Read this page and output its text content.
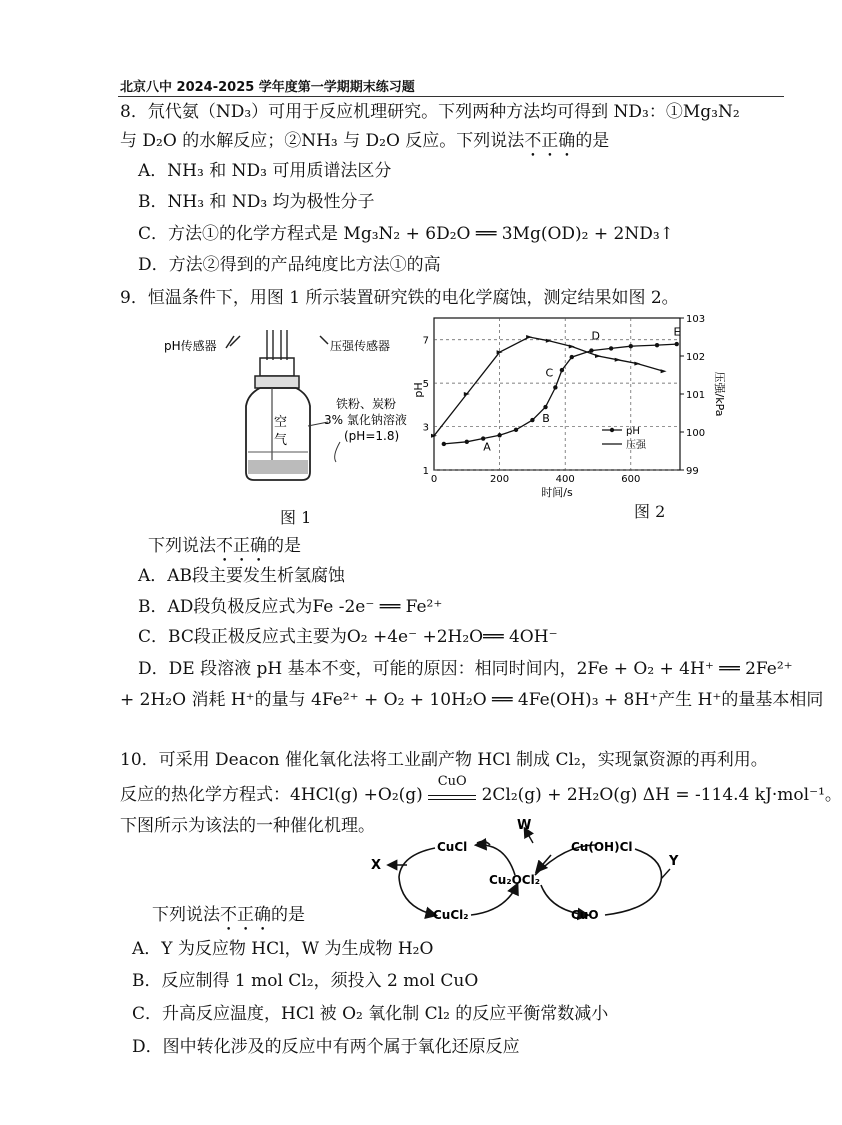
北京八中 2024-2025 学年度第一学期期末练习题
8．氘代氨（ND₃）可用于反应机理研究。下列两种方法均可得到 ND₃：①Mg₃N₂
与 D₂O 的水解反应；②NH₃ 与 D₂O 反应。下列说法不正确的是
A．NH₃ 和 ND₃ 可用质谱法区分
B．NH₃ 和 ND₃ 均为极性分子
C．方法①的化学方程式是 Mg₃N₂ + 6D₂O ══ 3Mg(OD)₂ + 2ND₃↑
D．方法②得到的产品纯度比方法①的高
9．恒温条件下，用图 1 所示装置研究铁的电化学腐蚀，测定结果如图 2。
pH传感器	压强传感器
空
气
铁粉、炭粉
3% 氯化钠溶液
(pH=1.8)
1
3
5
7
0	200	400	600
99
100
101
102
103
时间/s
pH	压强/kPa
A
B
C
D	E
pH
压强
图 1	图 2
下列说法不正确的是
A．AB段主要发生析氢腐蚀
B．AD段负极反应式为Fe -2e⁻ ══ Fe²⁺
C．BC段正极反应式主要为O₂ +4e⁻ +2H₂O══ 4OH⁻
D．DE 段溶液 pH 基本不变，可能的原因：相同时间内，2Fe + O₂ + 4H⁺ ══ 2Fe²⁺
+ 2H₂O 消耗 H⁺的量与 4Fe²⁺ + O₂ + 10H₂O ══ 4Fe(OH)₃ + 8H⁺产生 H⁺的量基本相同
10．可采用 Deacon 催化氧化法将工业副产物 HCl 制成 Cl₂，实现氯资源的再利用。
反应的热化学方程式：4HCl(g) +O₂(g)
CuO
2Cl₂(g) + 2H₂O(g) ΔH = -114.4 kJ·mol⁻¹。
下图所示为该法的一种催化机理。
X
CuCl
W
Cu(OH)Cl
Y
Cu₂OCl₂
CuCl₂	CuO
下列说法不正确的是
A．Y 为反应物 HCl，W 为生成物 H₂O
B．反应制得 1 mol Cl₂，须投入 2 mol CuO
C．升高反应温度，HCl 被 O₂ 氧化制 Cl₂ 的反应平衡常数减小
D．图中转化涉及的反应中有两个属于氧化还原反应
